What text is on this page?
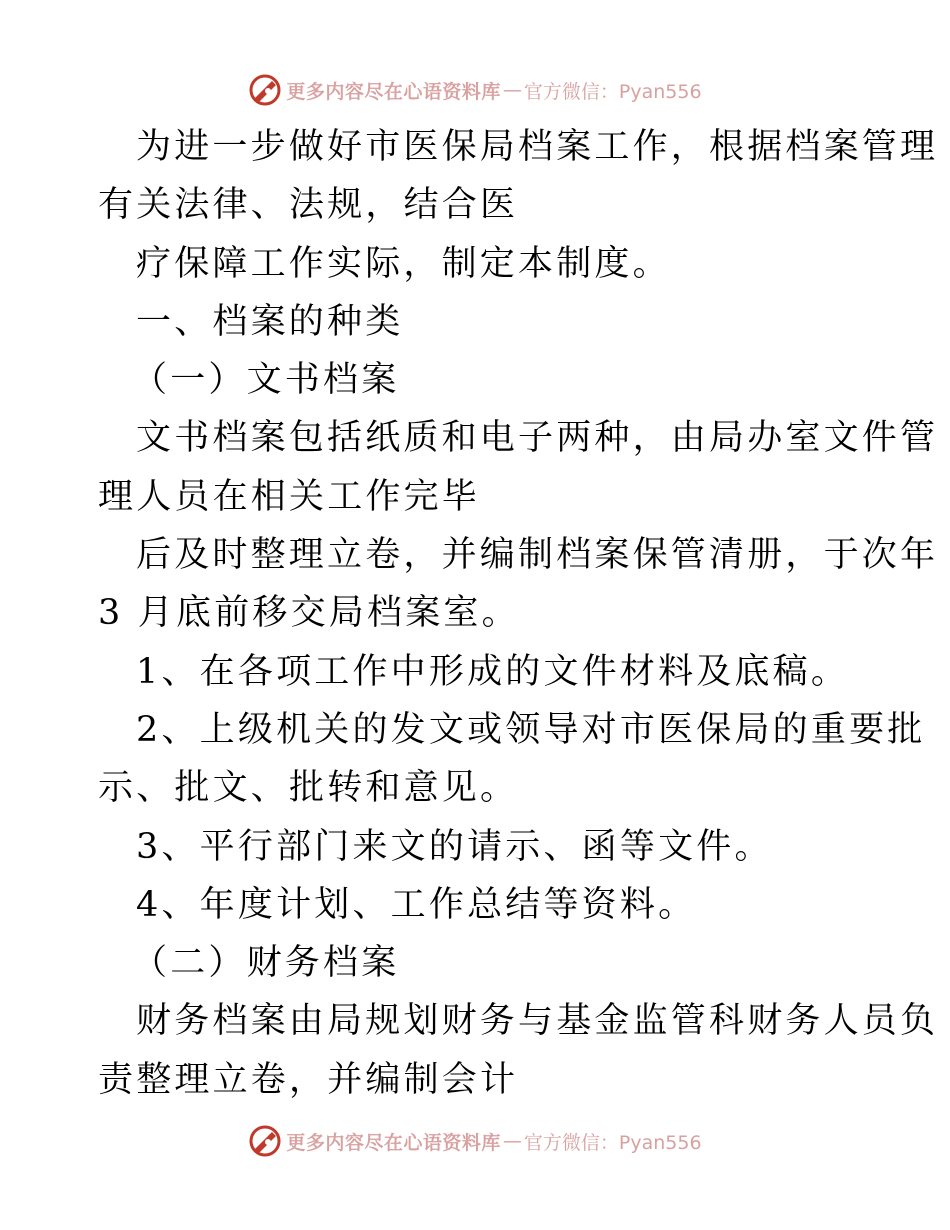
更多内容尽在心语资料库 — 官方微信：Pyan556
为进一步做好市医保局档案工作，根据档案管理
有关法律、法规，结合医
疗保障工作实际，制定本制度。
一、档案的种类
（一）文书档案
文书档案包括纸质和电子两种，由局办室文件管
理人员在相关工作完毕
后及时整理立卷，并编制档案保管清册，于次年
3 月底前移交局档案室。
1、在各项工作中形成的文件材料及底稿。
2、上级机关的发文或领导对市医保局的重要批
示、批文、批转和意见。
3、平行部门来文的请示、函等文件。
4、年度计划、工作总结等资料。
（二）财务档案
财务档案由局规划财务与基金监管科财务人员负
责整理立卷，并编制会计
更多内容尽在心语资料库 — 官方微信：Pyan556
